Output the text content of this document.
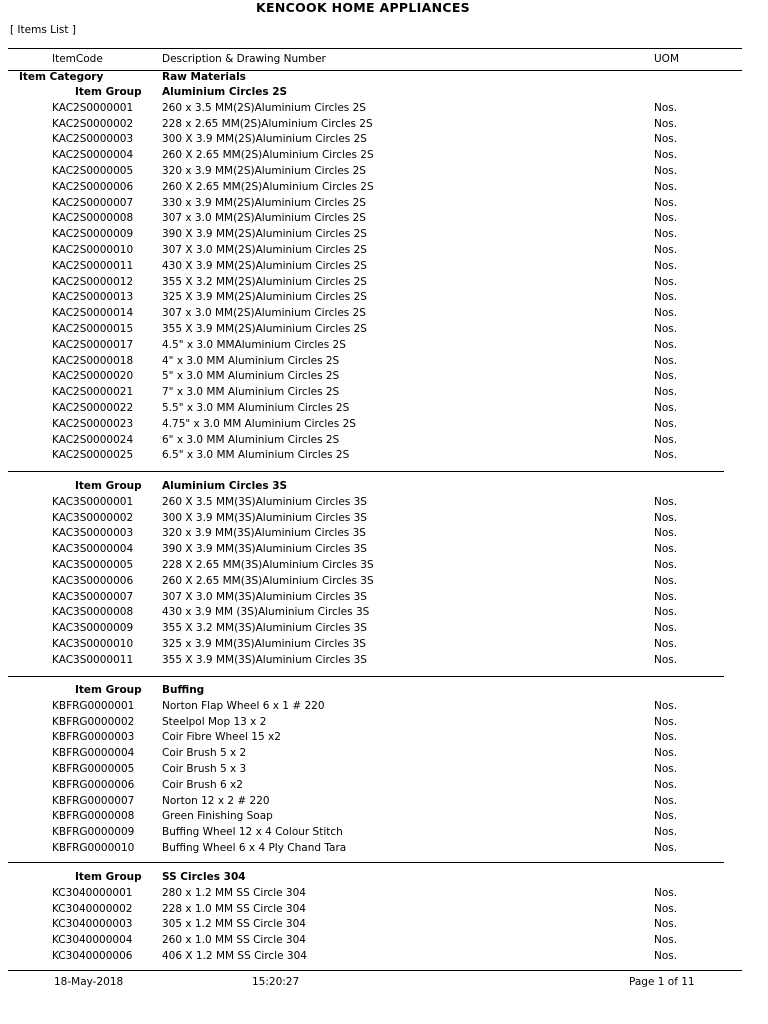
KENCOOK HOME APPLIANCES
[ Items List ]
ItemCode	Description & Drawing Number	UOM
Item Category	Raw Materials
Item Group Aluminium Circles 2S
KAC2S0000001	260 x 3.5 MM(2S)Aluminium Circles 2S	Nos.
KAC2S0000002	228 x 2.65 MM(2S)Aluminium Circles 2S	Nos.
KAC2S0000003	300 X 3.9 MM(2S)Aluminium Circles 2S	Nos.
KAC2S0000004	260 X 2.65 MM(2S)Aluminium Circles 2S	Nos.
KAC2S0000005	320 x 3.9 MM(2S)Aluminium Circles 2S	Nos.
KAC2S0000006	260 X 2.65 MM(2S)Aluminium Circles 2S	Nos.
KAC2S0000007	330 x 3.9 MM(2S)Aluminium Circles 2S	Nos.
KAC2S0000008	307 x 3.0 MM(2S)Aluminium Circles 2S	Nos.
KAC2S0000009	390 X 3.9 MM(2S)Aluminium Circles 2S	Nos.
KAC2S0000010	307 X 3.0 MM(2S)Aluminium Circles 2S	Nos.
KAC2S0000011	430 X 3.9 MM(2S)Aluminium Circles 2S	Nos.
KAC2S0000012	355 X 3.2 MM(2S)Aluminium Circles 2S	Nos.
KAC2S0000013	325 X 3.9 MM(2S)Aluminium Circles 2S	Nos.
KAC2S0000014	307 x 3.0 MM(2S)Aluminium Circles 2S	Nos.
KAC2S0000015	355 X 3.9 MM(2S)Aluminium Circles 2S	Nos.
KAC2S0000017	4.5" x 3.0 MMAluminium Circles 2S	Nos.
KAC2S0000018	4" x 3.0 MM Aluminium Circles 2S	Nos.
KAC2S0000020	5" x 3.0 MM Aluminium Circles 2S	Nos.
KAC2S0000021	7" x 3.0 MM Aluminium Circles 2S	Nos.
KAC2S0000022	5.5" x 3.0 MM Aluminium Circles 2S	Nos.
KAC2S0000023	4.75" x 3.0 MM Aluminium Circles 2S	Nos.
KAC2S0000024	6" x 3.0 MM Aluminium Circles 2S	Nos.
KAC2S0000025	6.5" x 3.0 MM Aluminium Circles 2S	Nos.
Item Group Aluminium Circles 3S
KAC3S0000001	260 X 3.5 MM(3S)Aluminium Circles 3S	Nos.
KAC3S0000002	300 X 3.9 MM(3S)Aluminium Circles 3S	Nos.
KAC3S0000003	320 x 3.9 MM(3S)Aluminium Circles 3S	Nos.
KAC3S0000004	390 X 3.9 MM(3S)Aluminium Circles 3S	Nos.
KAC3S0000005	228 X 2.65 MM(3S)Aluminium Circles 3S	Nos.
KAC3S0000006	260 X 2.65 MM(3S)Aluminium Circles 3S	Nos.
KAC3S0000007	307 X 3.0 MM(3S)Aluminium Circles 3S	Nos.
KAC3S0000008	430 x 3.9 MM (3S)Aluminium Circles 3S	Nos.
KAC3S0000009	355 X 3.2 MM(3S)Aluminium Circles 3S	Nos.
KAC3S0000010	325 x 3.9 MM(3S)Aluminium Circles 3S	Nos.
KAC3S0000011	355 X 3.9 MM(3S)Aluminium Circles 3S	Nos.
Item Group Buffing
KBFRG0000001	Norton Flap Wheel 6 x 1 # 220	Nos.
KBFRG0000002	Steelpol Mop 13 x 2	Nos.
KBFRG0000003	Coir Fibre Wheel 15 x2	Nos.
KBFRG0000004	Coir Brush 5 x 2	Nos.
KBFRG0000005	Coir Brush 5 x 3	Nos.
KBFRG0000006	Coir Brush 6 x2	Nos.
KBFRG0000007	Norton 12 x 2 # 220	Nos.
KBFRG0000008	Green Finishing Soap	Nos.
KBFRG0000009	Buffing Wheel 12 x 4 Colour Stitch	Nos.
KBFRG0000010	Buffing Wheel 6 x 4 Ply Chand Tara	Nos.
Item Group SS Circles 304
KC3040000001	280 x 1.2 MM SS Circle 304	Nos.
KC3040000002	228 x 1.0 MM SS Circle 304	Nos.
KC3040000003	305 x 1.2 MM SS Circle 304	Nos.
KC3040000004	260 x 1.0 MM SS Circle 304	Nos.
KC3040000006	406 X 1.2 MM SS Circle 304	Nos.
18-May-2018	15:20:27	Page 1 of 11
